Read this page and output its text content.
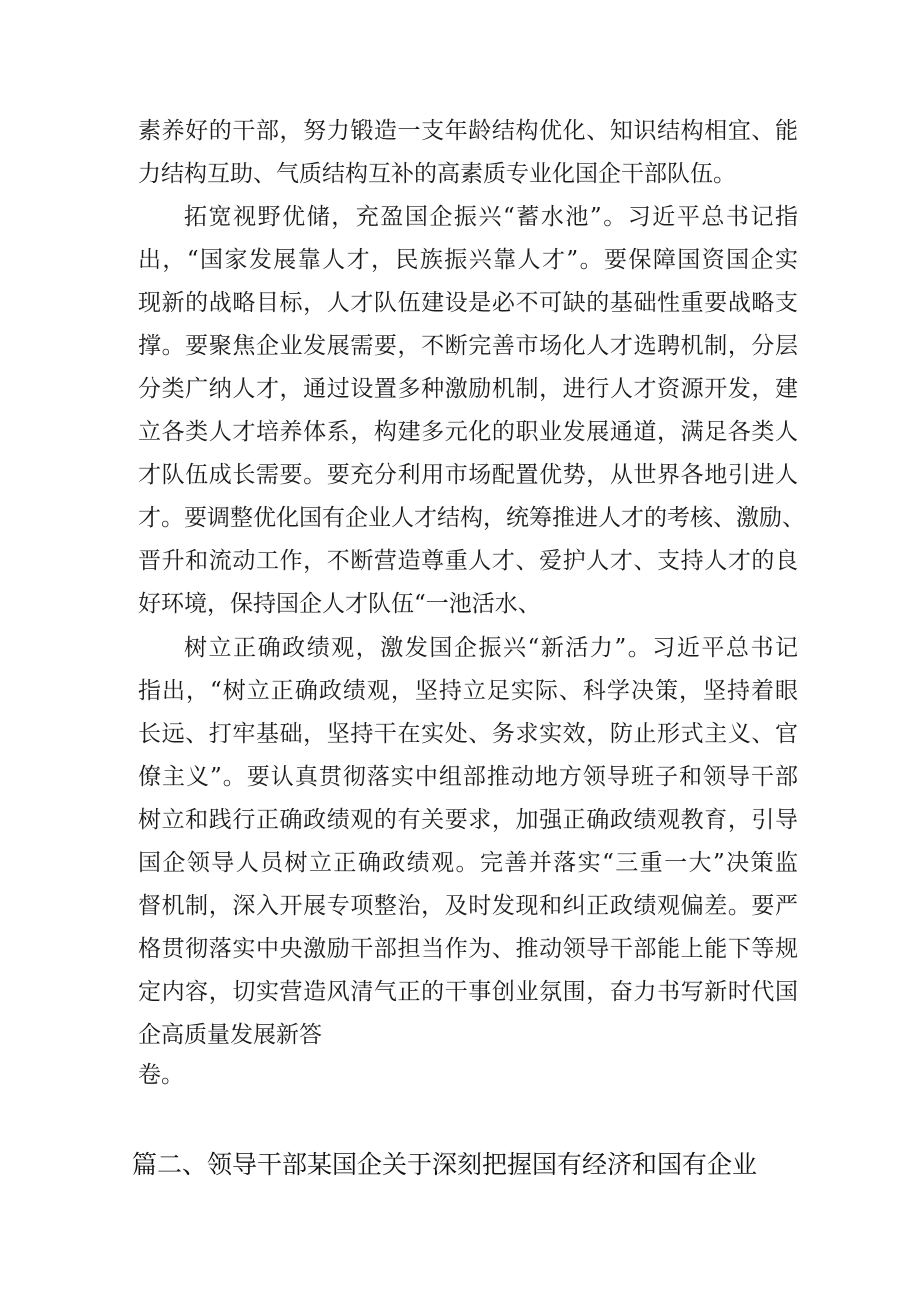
素养好的干部，努力锻造一支年龄结构优化、知识结构相宜、能
力结构互助、气质结构互补的高素质专业化国企干部队伍。
拓宽视野优储，充盈国企振兴“蓄水池”。习近平总书记指
出，“国家发展靠人才，民族振兴靠人才”。要保障国资国企实
现新的战略目标，人才队伍建设是必不可缺的基础性重要战略支
撑。要聚焦企业发展需要，不断完善市场化人才选聘机制，分层
分类广纳人才，通过设置多种激励机制，进行人才资源开发，建
立各类人才培养体系，构建多元化的职业发展通道，满足各类人
才队伍成长需要。要充分利用市场配置优势，从世界各地引进人
才。要调整优化国有企业人才结构，统筹推进人才的考核、激励、
晋升和流动工作，不断营造尊重人才、爱护人才、支持人才的良
好环境，保持国企人才队伍“一池活水、
树立正确政绩观，激发国企振兴“新活力”。习近平总书记
指出，“树立正确政绩观，坚持立足实际、科学决策，坚持着眼
长远、打牢基础，坚持干在实处、务求实效，防止形式主义、官
僚主义”。要认真贯彻落实中组部推动地方领导班子和领导干部
树立和践行正确政绩观的有关要求，加强正确政绩观教育，引导
国企领导人员树立正确政绩观。完善并落实“三重一大”决策监
督机制，深入开展专项整治，及时发现和纠正政绩观偏差。要严
格贯彻落实中央激励干部担当作为、推动领导干部能上能下等规
定内容，切实营造风清气正的干事创业氛围，奋力书写新时代国
企高质量发展新答
卷。
篇二、领导干部某国企关于深刻把握国有经济和国有企业
